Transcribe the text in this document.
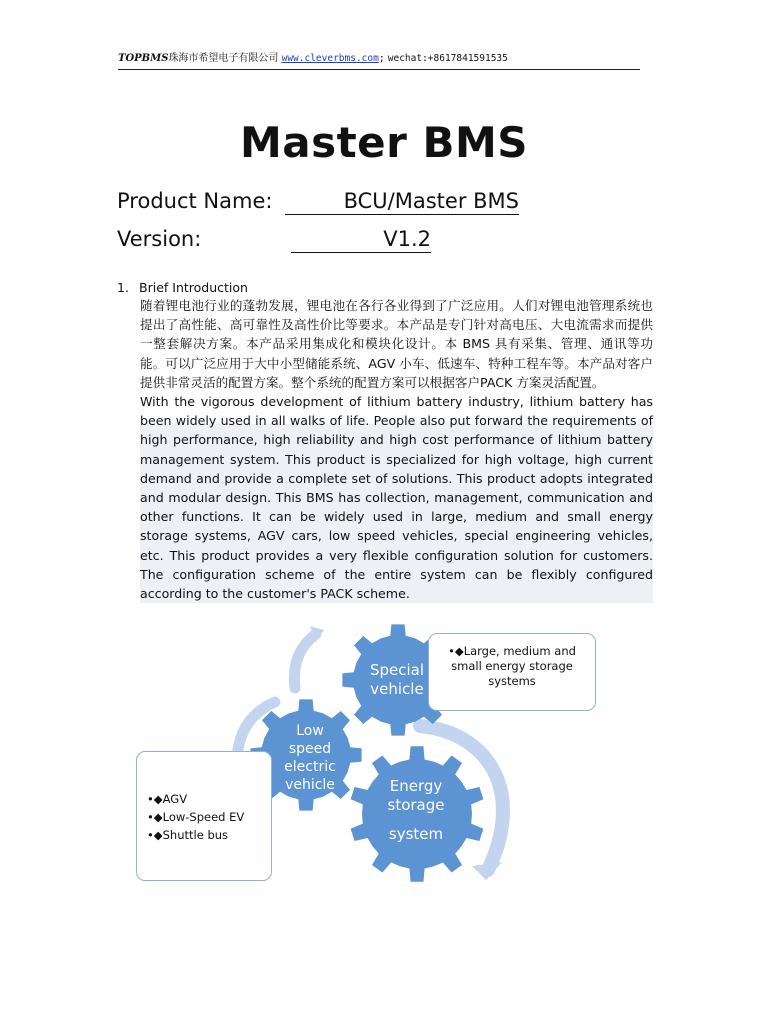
TOPBMS珠海市希望电子有限公司 www.cleverbms.com; wechat:+8617841591535
Master BMS
Product Name:	BCU/Master BMS
Version:	V1.2
1. Brief Introduction

随着锂电池行业的蓬勃发展，锂电池在各行各业得到了广泛应用。人们对锂电池管理系统也提出了高性能、高可靠性及高性价比等要求。本产品是专门针对高电压、大电流需求而提供一整套解决方案。本产品采用集成化和模块化设计。本 BMS 具有采集、管理、通讯等功能。可以广泛应用于大中小型储能系统、AGV 小车、低速车、特种工程车等。本产品对客户提供非常灵活的配置方案。整个系统的配置方案可以根据客户PACK 方案灵活配置。

With the vigorous development of lithium battery industry, lithium battery has been widely used in all walks of life. People also put forward the requirements of high performance, high reliability and high cost performance of lithium battery management system. This product is specialized for high voltage, high current demand and provide a complete set of solutions. This product adopts integrated and modular design. This BMS has collection, management, communication and other functions. It can be widely used in large, medium and small energy storage systems, AGV cars, low speed vehicles, special engineering vehicles, etc. This product provides a very flexible configuration solution for customers. The configuration scheme of the entire system can be flexibly configured according to the customer's PACK scheme.

Special
vehicle
Low
speed
electric
vehicle	Energy
storage
system
•◆Large, medium and
small energy storage
systems
•◆AGV
•◆Low-Speed EV
•◆Shuttle bus
